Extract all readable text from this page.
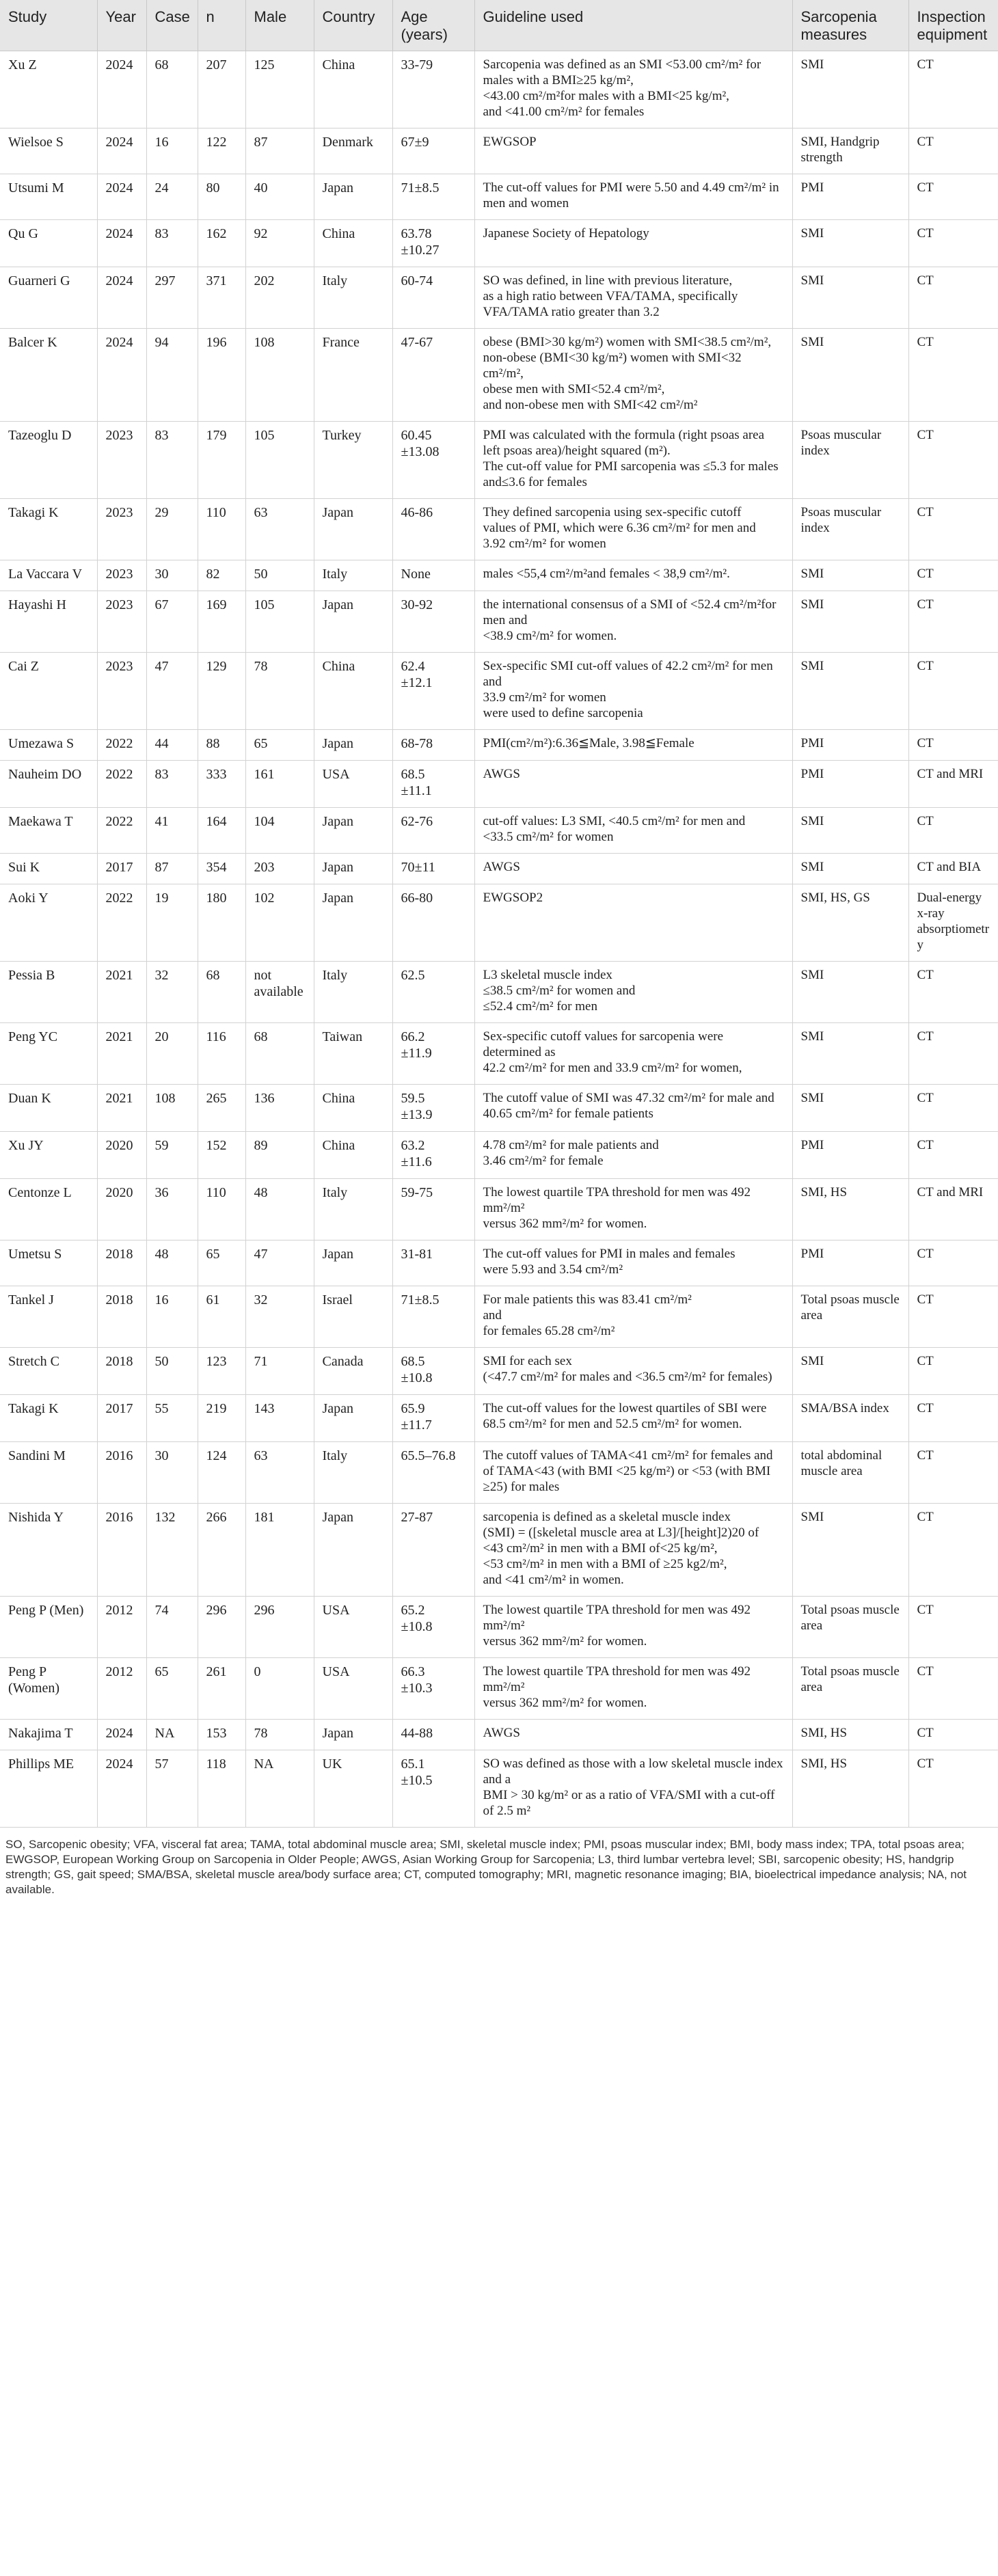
Study	Year	Case	n	Male	Country	Age (years)	Guideline used	Sarcopenia measures	Inspection equipment
Xu Z	2024	68	207	125	China	33-79	Sarcopenia was defined as an SMI <53.00 cm²/m² for males with a BMI≥25 kg/m²,
<43.00 cm²/m²for males with a BMI<25 kg/m²,
and <41.00 cm²/m² for females	SMI	CT
Wielsoe S	2024	16	122	87	Denmark	67±9	EWGSOP	SMI, Handgrip strength	CT
Utsumi M	2024	24	80	40	Japan	71±8.5	The cut-off values for PMI were 5.50 and 4.49 cm²/m² in men and women	PMI	CT
Qu G	2024	83	162	92	China	63.78
±10.27	Japanese Society of Hepatology	SMI	CT
Guarneri G	2024	297	371	202	Italy	60-74	SO was defined, in line with previous literature,
as a high ratio between VFA/TAMA, specifically VFA/TAMA ratio greater than 3.2	SMI	CT
Balcer K	2024	94	196	108	France	47-67	obese (BMI>30 kg/m²) women with SMI<38.5 cm²/m²,
non-obese (BMI<30 kg/m²) women with SMI<32 cm²/m²,
obese men with SMI<52.4 cm²/m²,
and non-obese men with SMI<42 cm²/m²	SMI	CT
Tazeoglu D	2023	83	179	105	Turkey	60.45
±13.08	PMI was calculated with the formula (right psoas area left psoas area)/height squared (m²).
The cut-off value for PMI sarcopenia was ≤5.3 for males and≤3.6 for females	Psoas muscular index	CT
Takagi K	2023	29	110	63	Japan	46-86	They defined sarcopenia using sex-specific cutoff
values of PMI, which were 6.36 cm²/m² for men and
3.92 cm²/m² for women	Psoas muscular index	CT
La Vaccara V	2023	30	82	50	Italy	None	males <55,4 cm²/m²and females < 38,9 cm²/m².	SMI	CT
Hayashi H	2023	67	169	105	Japan	30-92	the international consensus of a SMI of <52.4 cm²/m²for men and
<38.9 cm²/m² for women.	SMI	CT
Cai Z	2023	47	129	78	China	62.4
±12.1	Sex-specific SMI cut-off values of 42.2 cm²/m² for men and
33.9 cm²/m² for women
were used to define sarcopenia	SMI	CT
Umezawa S	2022	44	88	65	Japan	68-78	PMI(cm²/m²):6.36≦Male, 3.98≦Female	PMI	CT
Nauheim DO	2022	83	333	161	USA	68.5
±11.1	AWGS	PMI	CT and MRI
Maekawa T	2022	41	164	104	Japan	62-76	cut-off values: L3 SMI, <40.5 cm²/m² for men and
<33.5 cm²/m² for women	SMI	CT
Sui K	2017	87	354	203	Japan	70±11	AWGS	SMI	CT and BIA
Aoki Y	2022	19	180	102	Japan	66-80	EWGSOP2	SMI, HS, GS	Dual-energy x-ray absorptiometry
Pessia B	2021	32	68	not available	Italy	62.5	L3 skeletal muscle index
≤38.5 cm²/m² for women and
≤52.4 cm²/m² for men	SMI	CT
Peng YC	2021	20	116	68	Taiwan	66.2
±11.9	Sex-specific cutoff values for sarcopenia were determined as
42.2 cm²/m² for men and 33.9 cm²/m² for women,	SMI	CT
Duan K	2021	108	265	136	China	59.5
±13.9	The cutoff value of SMI was 47.32 cm²/m² for male and
40.65 cm²/m² for female patients	SMI	CT
Xu JY	2020	59	152	89	China	63.2
±11.6	4.78 cm²/m² for male patients and
3.46 cm²/m² for female	PMI	CT
Centonze L	2020	36	110	48	Italy	59-75	The lowest quartile TPA threshold for men was 492 mm²/m²
versus 362 mm²/m² for women.	SMI, HS	CT and MRI
Umetsu S	2018	48	65	47	Japan	31-81	The cut-off values for PMI in males and females
were 5.93 and 3.54 cm²/m²	PMI	CT
Tankel J	2018	16	61	32	Israel	71±8.5	For male patients this was 83.41 cm²/m²
and
for females 65.28 cm²/m²	Total psoas muscle area	CT
Stretch C	2018	50	123	71	Canada	68.5
±10.8	SMI for each sex
(<47.7 cm²/m² for males and <36.5 cm²/m² for females)	SMI	CT
Takagi K	2017	55	219	143	Japan	65.9
±11.7	The cut-off values for the lowest quartiles of SBI were
68.5 cm²/m² for men and 52.5 cm²/m² for women.	SMA/BSA index	CT
Sandini M	2016	30	124	63	Italy	65.5–76.8	The cutoff values of TAMA<41 cm²/m² for females and
of TAMA<43 (with BMI <25 kg/m²) or <53 (with BMI ≥25) for males	total abdominal muscle area	CT
Nishida Y	2016	132	266	181	Japan	27-87	sarcopenia is defined as a skeletal muscle index
(SMI) = ([skeletal muscle area at L3]/[height]2)20 of
<43 cm²/m² in men with a BMI of<25 kg/m²,
<53 cm²/m² in men with a BMI of ≥25 kg2/m²,
and <41 cm²/m² in women.	SMI	CT
Peng P (Men)	2012	74	296	296	USA	65.2
±10.8	The lowest quartile TPA threshold for men was 492 mm²/m²
versus 362 mm²/m² for women.	Total psoas muscle area	CT
Peng P (Women)	2012	65	261	0	USA	66.3
±10.3	The lowest quartile TPA threshold for men was 492 mm²/m²
versus 362 mm²/m² for women.	Total psoas muscle area	CT
Nakajima T	2024	NA	153	78	Japan	44-88	AWGS	SMI, HS	CT
Phillips ME	2024	57	118	NA	UK	65.1
±10.5	SO was defined as those with a low skeletal muscle index and a
BMI > 30 kg/m² or as a ratio of VFA/SMI with a cut-off of 2.5 m²	SMI, HS	CT

SO, Sarcopenic obesity; VFA, visceral fat area; TAMA, total abdominal muscle area; SMI, skeletal muscle index; PMI, psoas muscular index; BMI, body mass index; TPA, total psoas area; EWGSOP, European Working Group on Sarcopenia in Older People; AWGS, Asian Working Group for Sarcopenia; L3, third lumbar vertebra level; SBI, sarcopenic obesity; HS, handgrip strength; GS, gait speed; SMA/BSA, skeletal muscle area/body surface area; CT, computed tomography; MRI, magnetic resonance imaging; BIA, bioelectrical impedance analysis; NA, not available.
